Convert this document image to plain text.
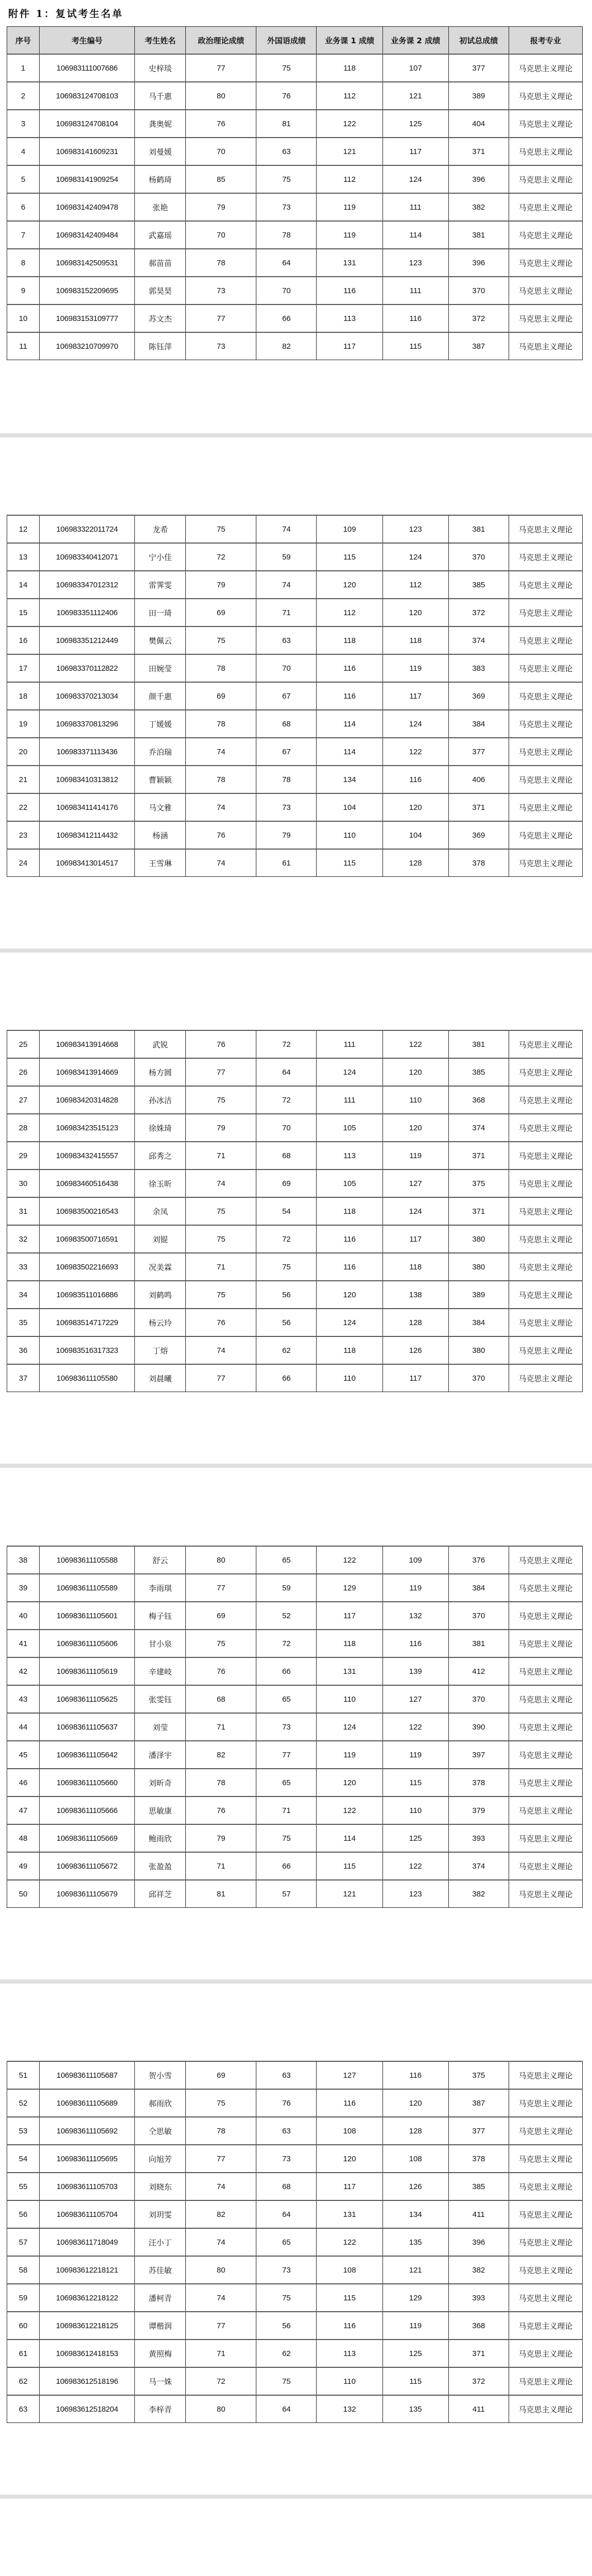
附件 1：复试考生名单
序号	考生编号	考生姓名	政治理论成绩	外国语成绩	业务课 1 成绩	业务课 2 成绩	初试总成绩	报考专业
1	106983111007686	史梓琰	77	75	118	107	377	马克思主义理论
2	106983124708103	马千惠	80	76	112	121	389	马克思主义理论
3	106983124708104	龚奥妮	76	81	122	125	404	马克思主义理论
4	106983141609231	刘曼媛	70	63	121	117	371	马克思主义理论
5	106983141909254	杨鹤琦	85	75	112	124	396	马克思主义理论
6	106983142409478	张艳	79	73	119	111	382	马克思主义理论
7	106983142409484	武嘉瑶	70	78	119	114	381	马克思主义理论
8	106983142509531	郝苗苗	78	64	131	123	396	马克思主义理论
9	106983152209695	郭昊昊	73	70	116	111	370	马克思主义理论
10	106983153109777	苏文杰	77	66	113	116	372	马克思主义理论
11	106983210709970	陈钰萍	73	82	117	115	387	马克思主义理论
12	106983322011724	龙希	75	74	109	123	381	马克思主义理论
13	106983340412071	宁小佳	72	59	115	124	370	马克思主义理论
14	106983347012312	雷霁雯	79	74	120	112	385	马克思主义理论
15	106983351112406	田一琦	69	71	112	120	372	马克思主义理论
16	106983351212449	樊佩云	75	63	118	118	374	马克思主义理论
17	106983370112822	田婉莹	78	70	116	119	383	马克思主义理论
18	106983370213034	颜千惠	69	67	116	117	369	马克思主义理论
19	106983370813296	丁媛媛	78	68	114	124	384	马克思主义理论
20	106983371113436	乔泊瑞	74	67	114	122	377	马克思主义理论
21	106983410313812	曹颖颖	78	78	134	116	406	马克思主义理论
22	106983411414176	马文雅	74	73	104	120	371	马克思主义理论
23	106983412114432	杨涵	76	79	110	104	369	马克思主义理论
24	106983413014517	王雪琳	74	61	115	128	378	马克思主义理论
25	106983413914668	武锐	76	72	111	122	381	马克思主义理论
26	106983413914669	杨方圆	77	64	124	120	385	马克思主义理论
27	106983420314828	孙冰洁	75	72	111	110	368	马克思主义理论
28	106983423515123	徐姝琦	79	70	105	120	374	马克思主义理论
29	106983432415557	邱秀之	71	68	113	119	371	马克思主义理论
30	106983460516438	徐玉昕	74	69	105	127	375	马克思主义理论
31	106983500216543	余凤	75	54	118	124	371	马克思主义理论
32	106983500716591	刘锟	75	72	116	117	380	马克思主义理论
33	106983502216693	况美霖	71	75	116	118	380	马克思主义理论
34	106983511016886	刘鹤鸣	75	56	120	138	389	马克思主义理论
35	106983514717229	杨云玲	76	56	124	128	384	马克思主义理论
36	106983516317323	丁熔	74	62	118	126	380	马克思主义理论
37	106983611105580	刘晨曦	77	66	110	117	370	马克思主义理论
38	106983611105588	舒云	80	65	122	109	376	马克思主义理论
39	106983611105589	李雨琪	77	59	129	119	384	马克思主义理论
40	106983611105601	梅子钰	69	52	117	132	370	马克思主义理论
41	106983611105606	甘小泉	75	72	118	116	381	马克思主义理论
42	106983611105619	辛建岐	76	66	131	139	412	马克思主义理论
43	106983611105625	张雯钰	68	65	110	127	370	马克思主义理论
44	106983611105637	刘莹	71	73	124	122	390	马克思主义理论
45	106983611105642	潘泽宇	82	77	119	119	397	马克思主义理论
46	106983611105660	刘昕奇	78	65	120	115	378	马克思主义理论
47	106983611105666	思敏康	76	71	122	110	379	马克思主义理论
48	106983611105669	鲍雨欣	79	75	114	125	393	马克思主义理论
49	106983611105672	张盈盈	71	66	115	122	374	马克思主义理论
50	106983611105679	邱祥芝	81	57	121	123	382	马克思主义理论
51	106983611105687	贺小雪	69	63	127	116	375	马克思主义理论
52	106983611105689	郝雨欣	75	76	116	120	387	马克思主义理论
53	106983611105692	仝思敏	78	63	108	128	377	马克思主义理论
54	106983611105695	向旭芳	77	73	120	108	378	马克思主义理论
55	106983611105703	刘晓东	74	68	117	126	385	马克思主义理论
56	106983611105704	刘玥雯	82	64	131	134	411	马克思主义理论
57	106983611718049	汪小丁	74	65	122	135	396	马克思主义理论
58	106983612218121	苏佳敏	80	73	108	121	382	马克思主义理论
59	106983612218122	潘柯青	74	75	115	129	393	马克思主义理论
60	106983612218125	谭楷润	77	56	116	119	368	马克思主义理论
61	106983612418153	黄照梅	71	62	113	125	371	马克思主义理论
62	106983612518196	马一姝	72	75	110	115	372	马克思主义理论
63	106983612518204	李梓青	80	64	132	135	411	马克思主义理论
